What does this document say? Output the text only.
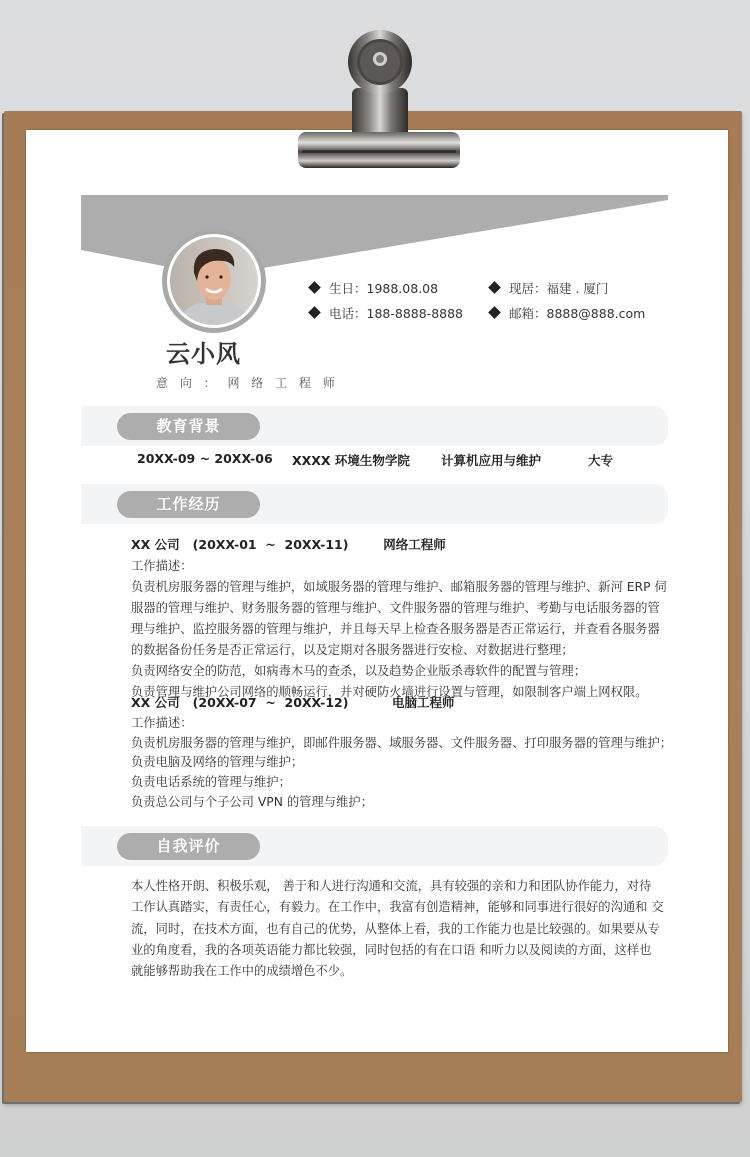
云小风
意 向 ： 网 络 工 程 师
生日：1988.08.08	现居：福建 . 厦门
电话：188-8888-8888	邮箱：8888@888.com
教育背景
20XX-09 ~ 20XX-06 XXXX 环境生物学院 计算机应用与维护	大专
工作经历
XX 公司   (20XX-01  ~  20XX-11)        网络工程师
工作描述：
负责机房服务器的管理与维护，如域服务器的管理与维护、邮箱服务器的管理与维护、新河 ERP 伺
服器的管理与维护、财务服务器的管理与维护、文件服务器的管理与维护、考勤与电话服务器的管
理与维护、监控服务器的管理与维护，并且每天早上检查各服务器是否正常运行，并查看各服务器
的数据备份任务是否正常运行，以及定期对各服务器进行安检、对数据进行整理；
负责网络安全的防范，如病毒木马的查杀，以及趋势企业版杀毒软件的配置与管理；
负责管理与维护公司网络的顺畅运行，并对硬防火墙进行设置与管理，如限制客户端上网权限。
XX 公司   (20XX-07  ~  20XX-12)          电脑工程师
工作描述：
负责机房服务器的管理与维护，即邮件服务器、域服务器、文件服务器、打印服务器的管理与维护；
负责电脑及网络的管理与维护；
负责电话系统的管理与维护；
负责总公司与个子公司 VPN 的管理与维护；
自我评价
本人性格开朗、积极乐观， 善于和人进行沟通和交流，具有较强的亲和力和团队协作能力，对待
工作认真踏实，有责任心，有毅力。在工作中，我富有创造精神，能够和同事进行很好的沟通和 交
流，同时，在技术方面，也有自己的优势，从整体上看，我的工作能力也是比较强的。如果要从专
业的角度看，我的各项英语能力都比较强，同时包括的有在口语 和听力以及阅读的方面，这样也
就能够帮助我在工作中的成绩增色不少。
